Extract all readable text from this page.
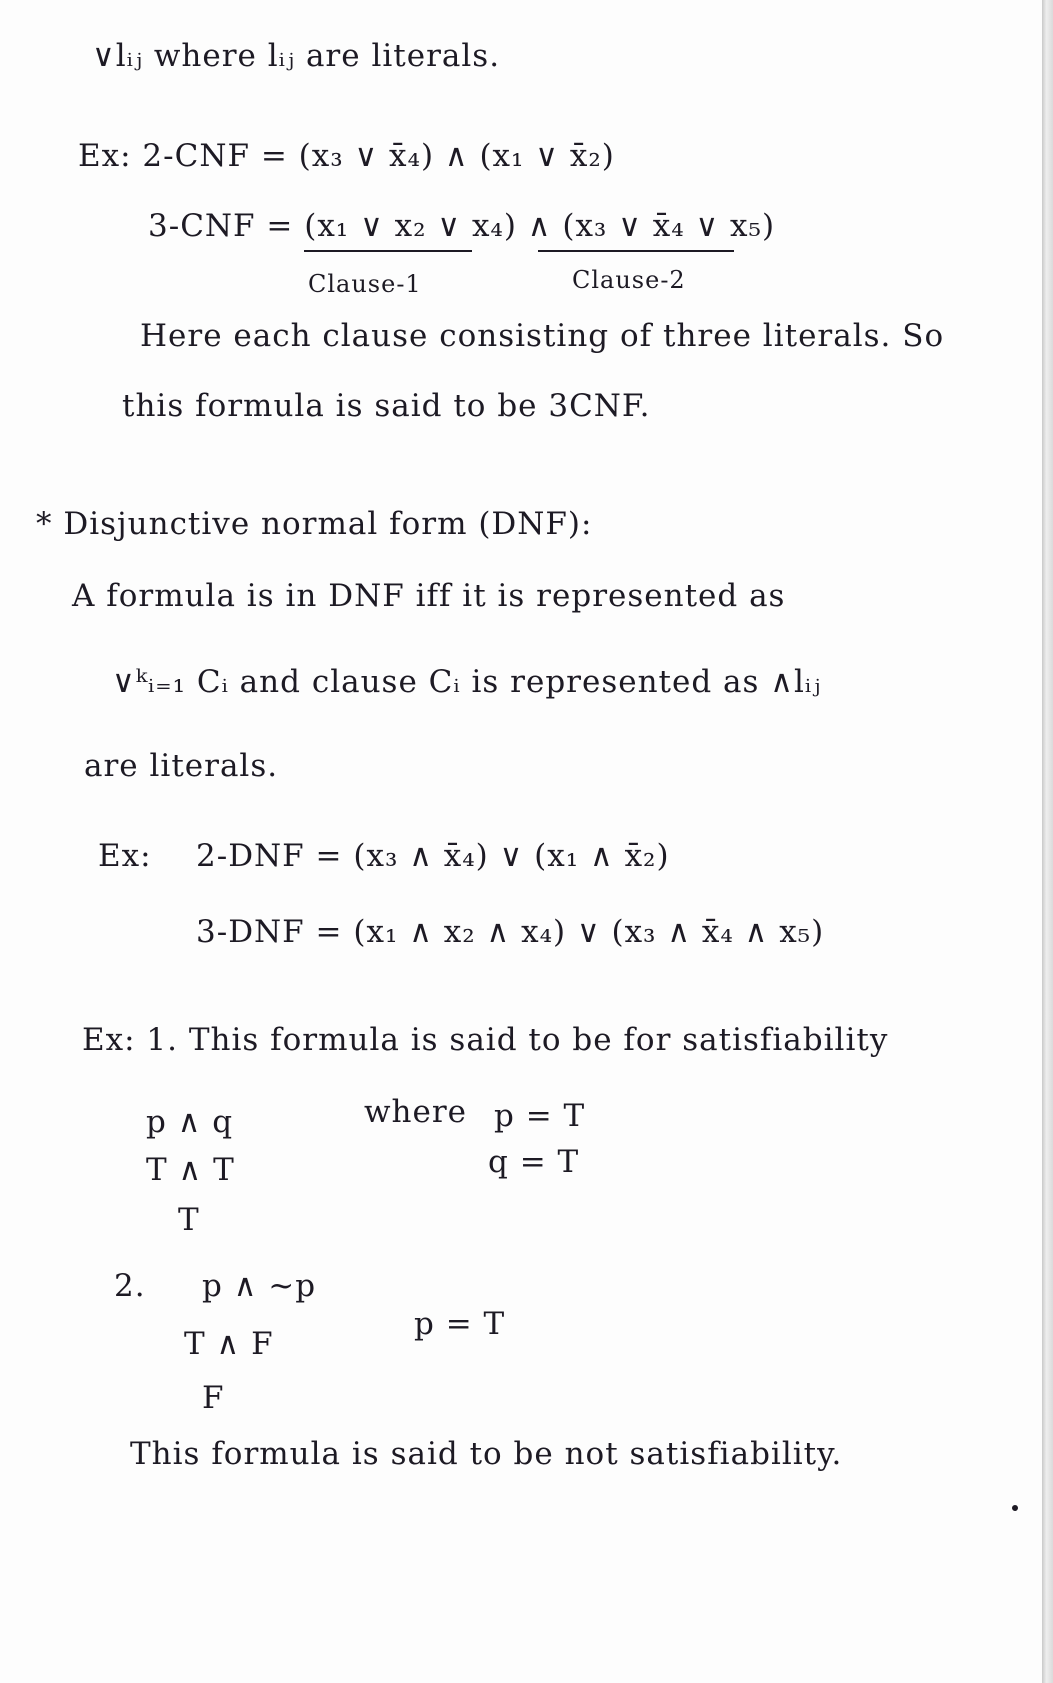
∨lᵢⱼ where lᵢⱼ are literals.
Ex: 2-CNF = (x₃ ∨ x̄₄) ∧ (x₁ ∨ x̄₂)
3-CNF = (x₁ ∨ x₂ ∨ x₄) ∧ (x₃ ∨ x̄₄ ∨ x₅)
Clause-1	Clause-2
Here each clause consisting of three literals. So
this formula is said to be 3CNF.
* Disjunctive normal form (DNF):
A formula is in DNF iff it is represented as
∨ᵏᵢ₌₁ Cᵢ and clause Cᵢ is represented as ∧lᵢⱼ
are literals.
Ex: 2-DNF = (x₃ ∧ x̄₄) ∨ (x₁ ∧ x̄₂)
3-DNF = (x₁ ∧ x₂ ∧ x₄) ∨ (x₃ ∧ x̄₄ ∧ x₅)
Ex: 1. This formula is said to be for satisfiability
p ∧ q
T ∧ T
T
where p = T
q = T
2. p ∧ ~p
T ∧ F
F
p = T
This formula is said to be not satisfiability.
